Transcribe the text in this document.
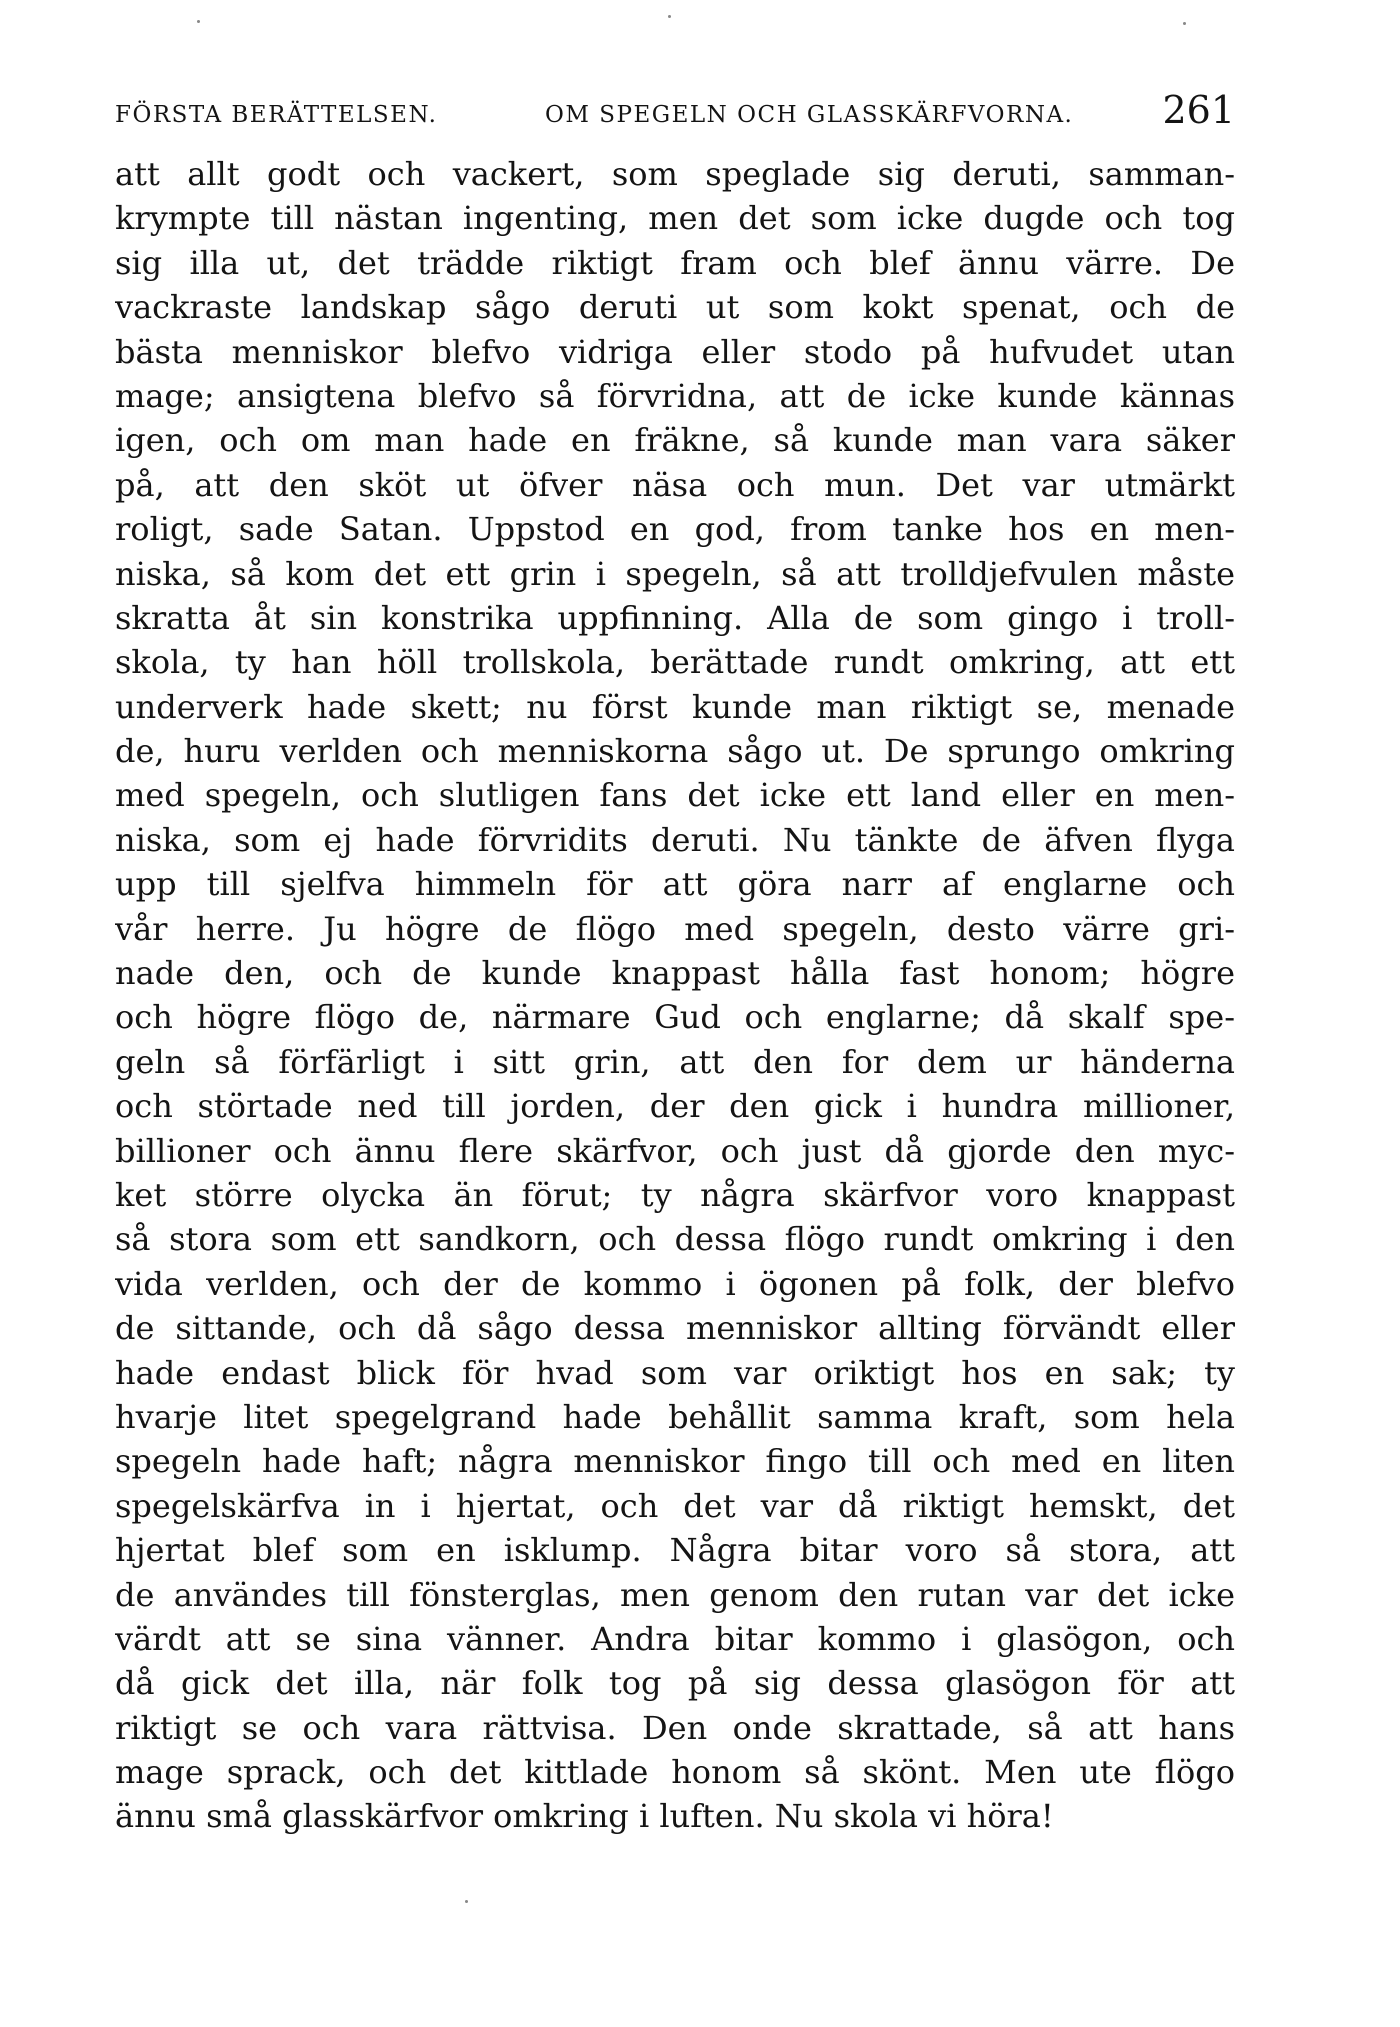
FÖRSTA BERÄTTELSEN.	OM SPEGELN OCH GLASSKÄRFVORNA. 261
att allt godt och vackert, som speglade sig deruti, samman-
krympte till nästan ingenting, men det som icke dugde och tog
sig illa ut, det trädde riktigt fram och blef ännu värre. De
vackraste landskap sågo deruti ut som kokt spenat, och de
bästa menniskor blefvo vidriga eller stodo på hufvudet utan
mage; ansigtena blefvo så förvridna, att de icke kunde kännas
igen, och om man hade en fräkne, så kunde man vara säker
på, att den sköt ut öfver näsa och mun. Det var utmärkt
roligt, sade Satan. Uppstod en god, from tanke hos en men-
niska, så kom det ett grin i spegeln, så att trolldjefvulen måste
skratta åt sin konstrika uppfinning. Alla de som gingo i troll-
skola, ty han höll trollskola, berättade rundt omkring, att ett
underverk hade skett; nu först kunde man riktigt se, menade
de, huru verlden och menniskorna sågo ut. De sprungo omkring
med spegeln, och slutligen fans det icke ett land eller en men-
niska, som ej hade förvridits deruti. Nu tänkte de äfven flyga
upp till sjelfva himmeln för att göra narr af englarne och
vår herre. Ju högre de flögo med spegeln, desto värre gri-
nade den, och de kunde knappast hålla fast honom; högre
och högre flögo de, närmare Gud och englarne; då skalf spe-
geln så förfärligt i sitt grin, att den for dem ur händerna
och störtade ned till jorden, der den gick i hundra millioner,
billioner och ännu flere skärfvor, och just då gjorde den myc-
ket större olycka än förut; ty några skärfvor voro knappast
så stora som ett sandkorn, och dessa flögo rundt omkring i den
vida verlden, och der de kommo i ögonen på folk, der blefvo
de sittande, och då sågo dessa menniskor allting förvändt eller
hade endast blick för hvad som var oriktigt hos en sak; ty
hvarje litet spegelgrand hade behållit samma kraft, som hela
spegeln hade haft; några menniskor fingo till och med en liten
spegelskärfva in i hjertat, och det var då riktigt hemskt, det
hjertat blef som en isklump. Några bitar voro så stora, att
de användes till fönsterglas, men genom den rutan var det icke
värdt att se sina vänner. Andra bitar kommo i glasögon, och
då gick det illa, när folk tog på sig dessa glasögon för att
riktigt se och vara rättvisa. Den onde skrattade, så att hans
mage sprack, och det kittlade honom så skönt. Men ute flögo
ännu små glasskärfvor omkring i luften. Nu skola vi höra!
